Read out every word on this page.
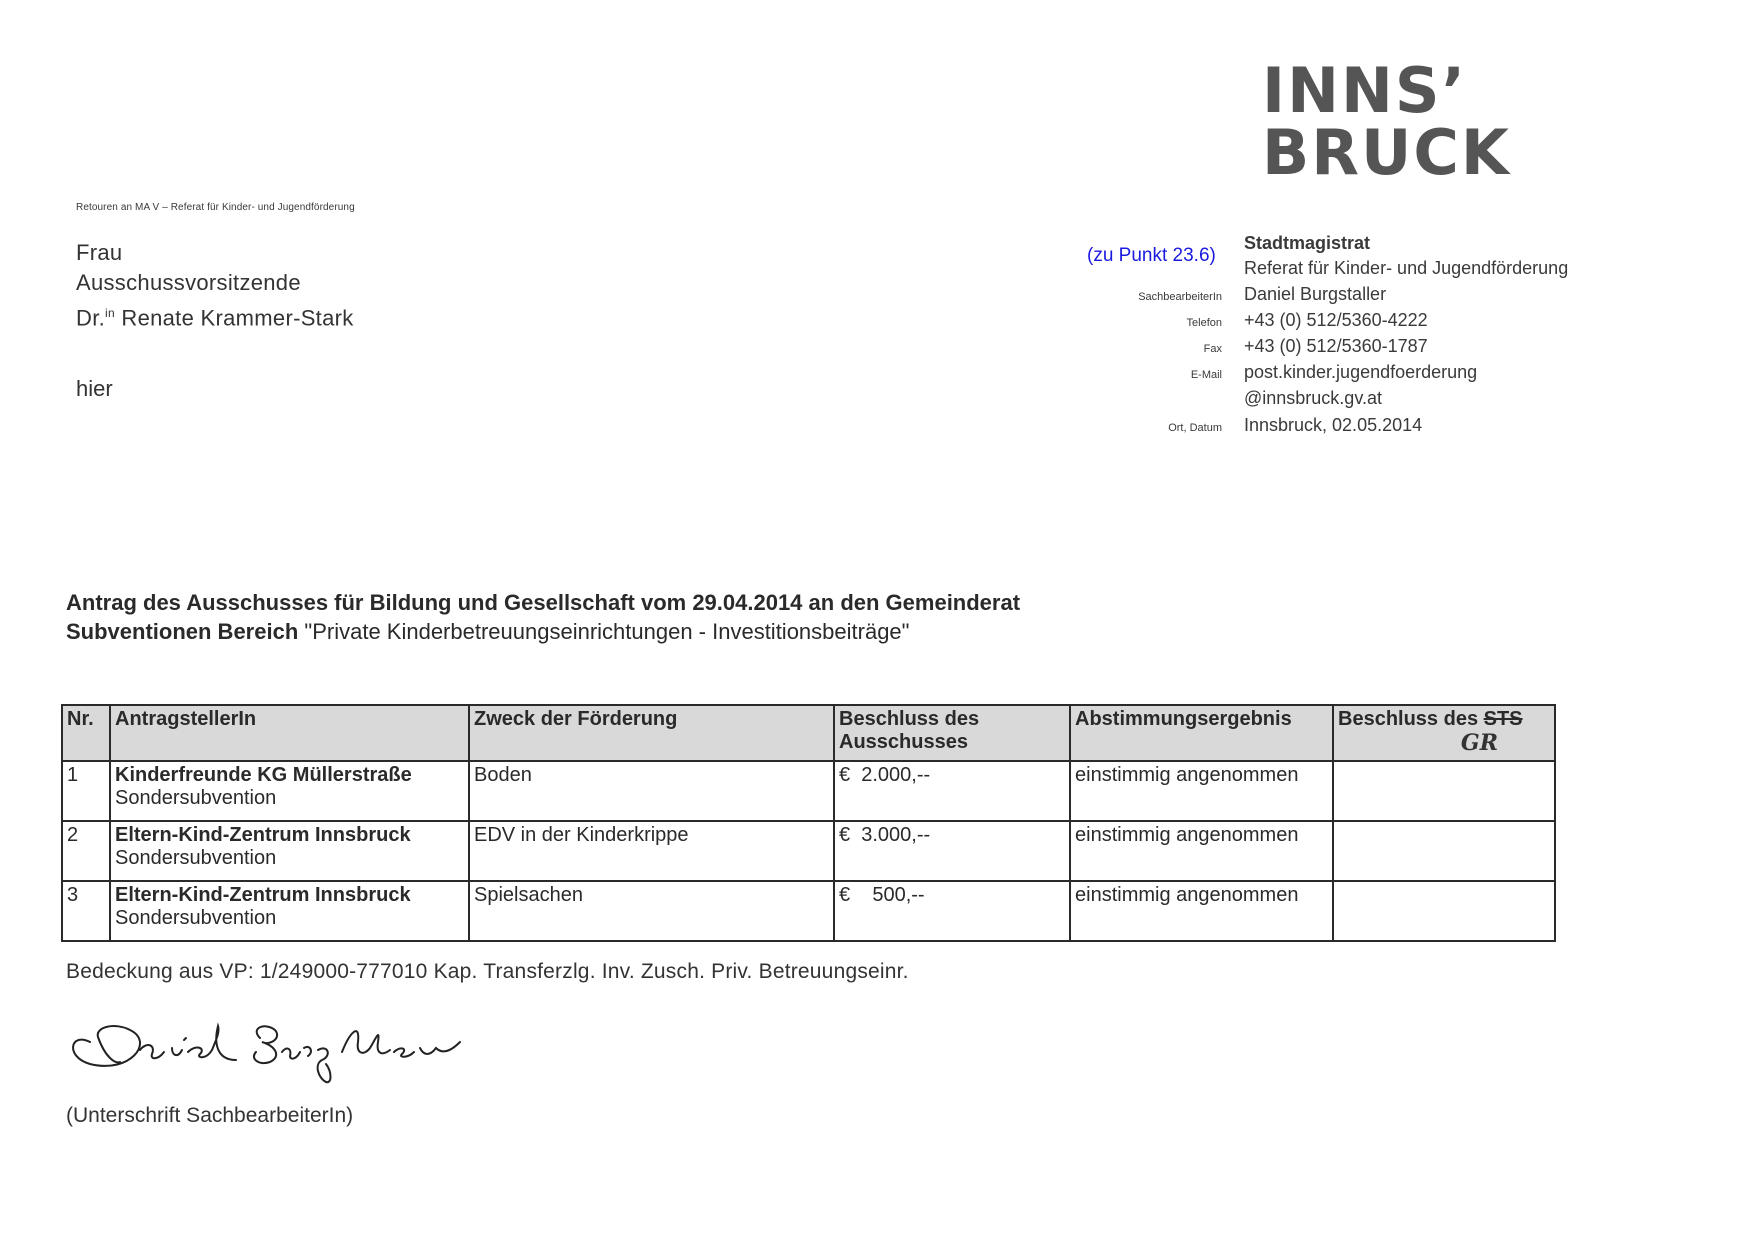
INNS’
BRUCK
Retouren an MA V – Referat für Kinder- und Jugendförderung
Frau
Ausschussvorsitzende
Dr.$^{in}$ Renate Krammer-Stark
hier
(zu Punkt 23.6)
Stadtmagistrat
Referat für Kinder- und Jugendförderung
SachbearbeiterIn	Daniel Burgstaller
Telefon	+43 (0) 512/5360-4222
Fax	+43 (0) 512/5360-1787
E-Mail	post.kinder.jugendfoerderung
@innsbruck.gv.at
Ort, Datum	Innsbruck, 02.05.2014
Antrag des Ausschusses für Bildung und Gesellschaft vom 29.04.2014 an den Gemeinderat
Subventionen Bereich "Private Kinderbetreuungseinrichtungen - Investitionsbeiträge"
Nr.	AntragstellerIn	Zweck der Förderung	Beschluss des Ausschusses	Abstimmungsergebnis	Beschluss des STS
GR

1	Kinderfreunde KG Müllerstraße
Sondersubvention	Boden	€  2.000,--	einstimmig angenommen	
2	Eltern-Kind-Zentrum Innsbruck
Sondersubvention	EDV in der Kinderkrippe	€  3.000,--	einstimmig angenommen	
3	Eltern-Kind-Zentrum Innsbruck
Sondersubvention	Spielsachen	€    500,--	einstimmig angenommen	
Bedeckung aus VP: 1/249000-777010 Kap. Transferzlg. Inv. Zusch. Priv. Betreuungseinr.
(Unterschrift SachbearbeiterIn)
